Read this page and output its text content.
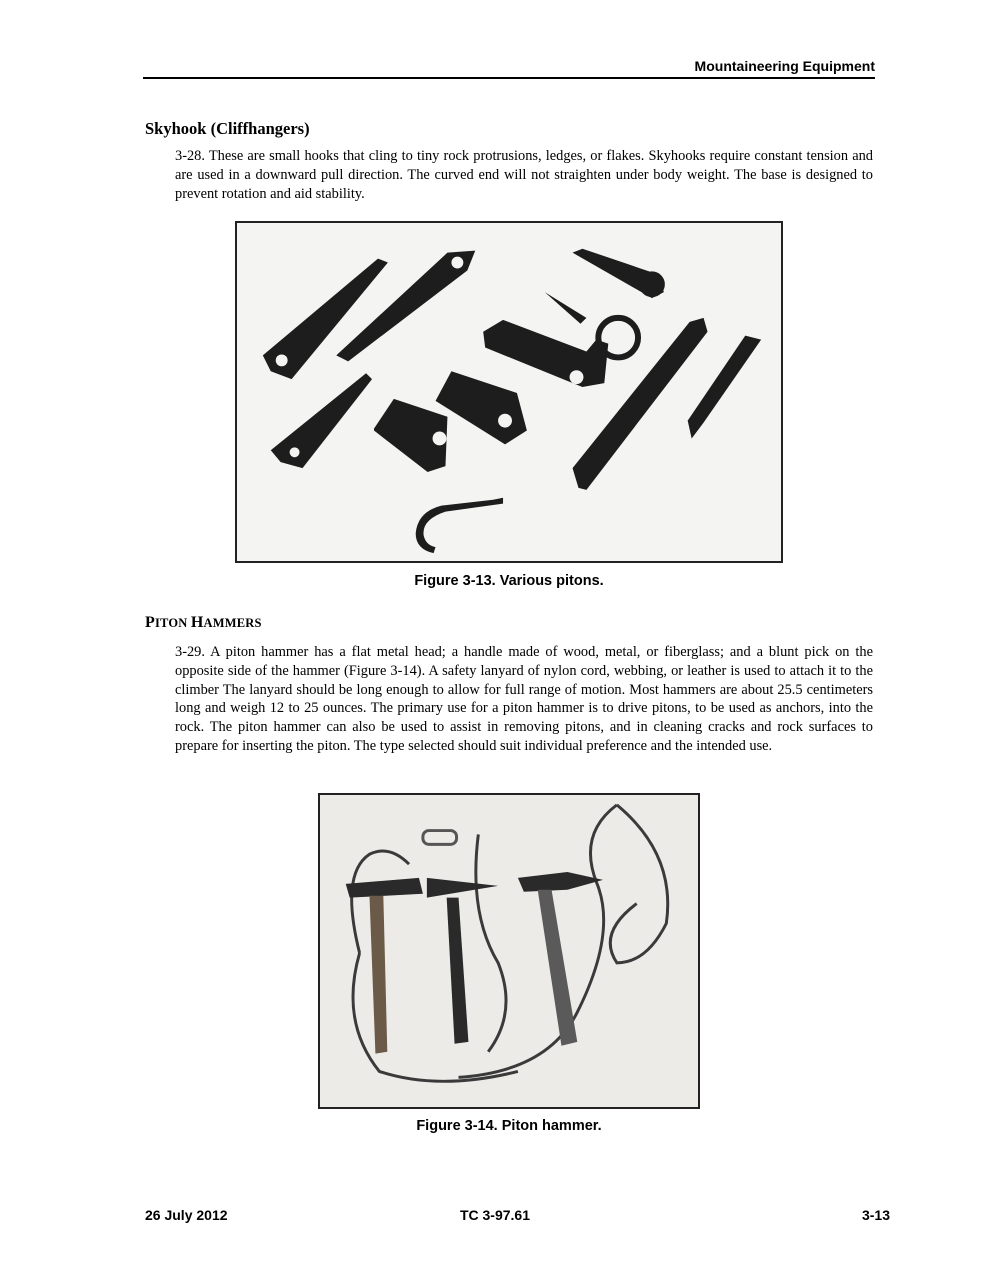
Mountaineering Equipment
Skyhook (Cliffhangers)
3-28. These are small hooks that cling to tiny rock protrusions, ledges, or flakes. Skyhooks require constant tension and are used in a downward pull direction. The curved end will not straighten under body weight. The base is designed to prevent rotation and aid stability.
Figure 3-13. Various pitons.
PITON HAMMERS
3-29. A piton hammer has a flat metal head; a handle made of wood, metal, or fiberglass; and a blunt pick on the opposite side of the hammer (Figure 3-14). A safety lanyard of nylon cord, webbing, or leather is used to attach it to the climber The lanyard should be long enough to allow for full range of motion. Most hammers are about 25.5 centimeters long and weigh 12 to 25 ounces. The primary use for a piton hammer is to drive pitons, to be used as anchors, into the rock. The piton hammer can also be used to assist in removing pitons, and in cleaning cracks and rock surfaces to prepare for inserting the piton. The type selected should suit individual preference and the intended use.
Figure 3-14. Piton hammer.
26 July 2012	TC 3-97.61	3-13
